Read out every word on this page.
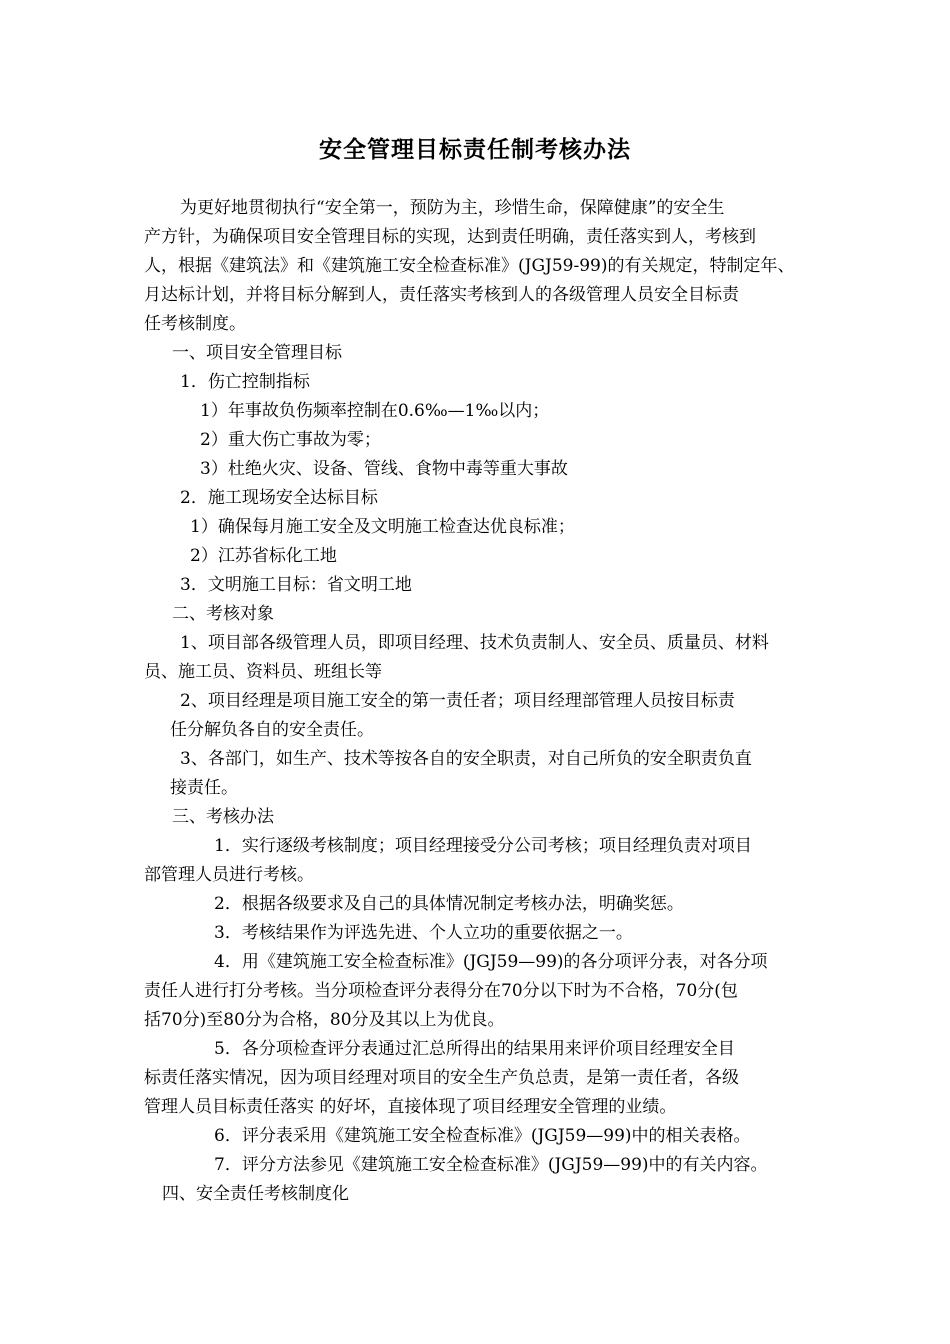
安全管理目标责任制考核办法
为更好地贯彻执行“安全第一，预防为主，珍惜生命，保障健康”的安全生
产方针，为确保项目安全管理目标的实现，达到责任明确，责任落实到人，考核到
人，根据《建筑法》和《建筑施工安全检查标准》(JGJ59-99)的有关规定，特制定年、
月达标计划，并将目标分解到人，责任落实考核到人的各级管理人员安全目标责
任考核制度。
一、项目安全管理目标
1．伤亡控制指标
1）年事故负伤频率控制在0.6‰—1‰以内；
2）重大伤亡事故为零；
3）杜绝火灾、设备、管线、食物中毒等重大事故
2．施工现场安全达标目标
1）确保每月施工安全及文明施工检查达优良标准；
2）江苏省标化工地
3．文明施工目标：省文明工地
二、考核对象
1、项目部各级管理人员，即项目经理、技术负责制人、安全员、质量员、材料
员、施工员、资料员、班组长等
2、项目经理是项目施工安全的第一责任者；项目经理部管理人员按目标责
任分解负各自的安全责任。
3、各部门，如生产、技术等按各自的安全职责，对自己所负的安全职责负直
接责任。
三、考核办法
1．实行逐级考核制度；项目经理接受分公司考核；项目经理负责对项目
部管理人员进行考核。
2．根据各级要求及自己的具体情况制定考核办法，明确奖惩。
3．考核结果作为评选先进、个人立功的重要依据之一。
4．用《建筑施工安全检查标准》(JGJ59—99)的各分项评分表，对各分项
责任人进行打分考核。当分项检查评分表得分在70分以下时为不合格，70分(包
括70分)至80分为合格，80分及其以上为优良。
5．各分项检查评分表通过汇总所得出的结果用来评价项目经理安全目
标责任落实情况，因为项目经理对项目的安全生产负总责，是第一责任者，各级
管理人员目标责任落实 的好坏，直接体现了项目经理安全管理的业绩。
6．评分表采用《建筑施工安全检查标准》(JGJ59—99)中的相关表格。
7．评分方法参见《建筑施工安全检查标准》(JGJ59—99)中的有关内容。
四、安全责任考核制度化
